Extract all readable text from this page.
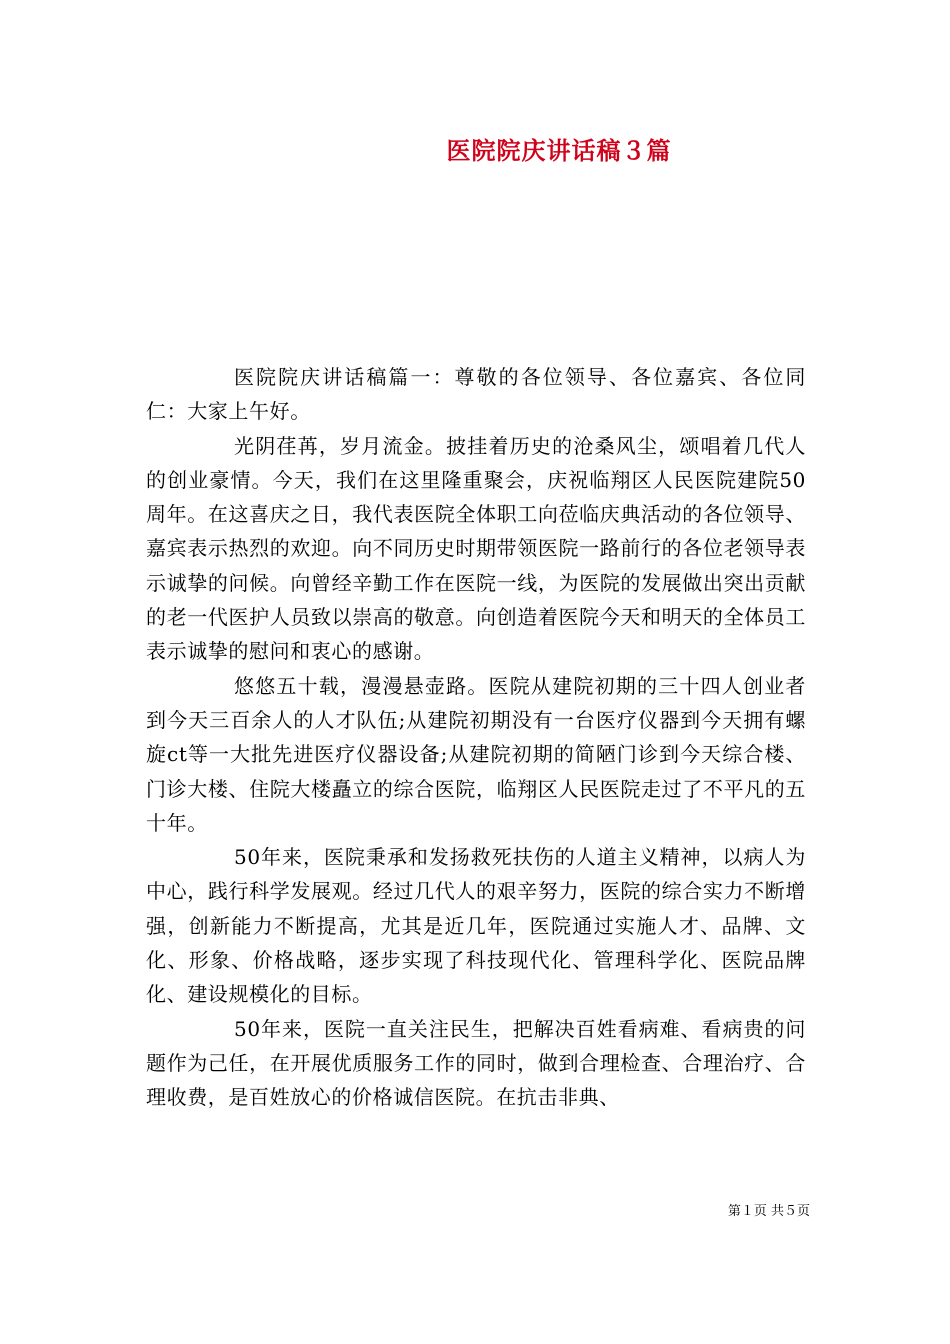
医院院庆讲话稿３篇

医院院庆讲话稿篇一：尊敬的各位领导、各位嘉宾、各位同仁：大家上午好。

光阴荏苒，岁月流金。披挂着历史的沧桑风尘，颂唱着几代人的创业豪情。今天，我们在这里隆重聚会，庆祝临翔区人民医院建院50周年。在这喜庆之日，我代表医院全体职工向莅临庆典活动的各位领导、嘉宾表示热烈的欢迎。向不同历史时期带领医院一路前行的各位老领导表示诚挚的问候。向曾经辛勤工作在医院一线，为医院的发展做出突出贡献的老一代医护人员致以崇高的敬意。向创造着医院今天和明天的全体员工表示诚挚的慰问和衷心的感谢。

悠悠五十载，漫漫悬壶路。医院从建院初期的三十四人创业者到今天三百余人的人才队伍;从建院初期没有一台医疗仪器到今天拥有螺旋ct等一大批先进医疗仪器设备;从建院初期的简陋门诊到今天综合楼、门诊大楼、住院大楼矗立的综合医院，临翔区人民医院走过了不平凡的五十年。

50年来，医院秉承和发扬救死扶伤的人道主义精神，以病人为中心，践行科学发展观。经过几代人的艰辛努力，医院的综合实力不断增强，创新能力不断提高，尤其是近几年，医院通过实施人才、品牌、文化、形象、价格战略，逐步实现了科技现代化、管理科学化、医院品牌化、建设规模化的目标。

50年来，医院一直关注民生，把解决百姓看病难、看病贵的问题作为己任，在开展优质服务工作的同时，做到合理检查、合理治疗、合理收费，是百姓放心的价格诚信医院。在抗击非典、

第１页 共５页
